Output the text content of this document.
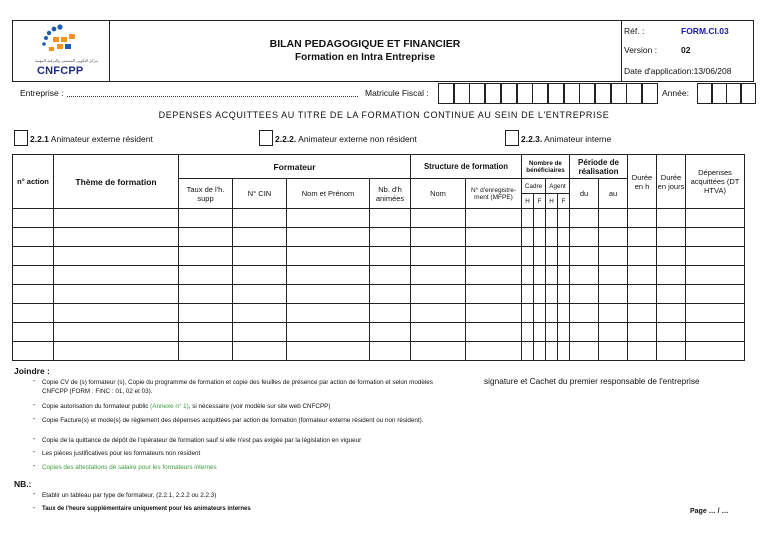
مركز التكوين المستمر والترقية المهنية
CNFCPP
BILAN PEDAGOGIQUE ET FINANCIER
Formation en Intra Entreprise
Réf. :	FORM.CI.03
Version :	02
Date d'application:13/06/208
Entreprise :	Matricule Fiscal :	Année:
DEPENSES ACQUITTEES AU TITRE DE LA FORMATION CONTINUE AU SEIN DE L'ENTREPRISE
2.2.1 Animateur externe résident	2.2.2. Animateur externe non résident	2.2.3. Animateur interne
n° action	Thème de formation	Formateur				Structure de formation		Nombre de bénéficiaires				Période de réalisation		Durée en h	Durée en jours	Dépenses acquittées (DT HTVA)
		Taux de l'h. supp	N° CIN	Nom et Prénom	Nb. d'h animées	Nom	N° d'enregistre- ment (MFPE)	Cadre		Agent		du	au			
								H	F	H	F					

Joindre :
- Copie CV de (s) formateur (s), Copie du programme de formation et copie des feuilles de présence par action de formation et selon modèles CNFCPP (FORM : FINC : 01, 02 et 03).
- Copie autorisation du formateur public (Annexe n° 1), si nécessaire (voir modèle sur site web CNFCPP)
- Copie Facture(s) et mode(s) de règlement des dépenses acquittées par action de formation (formateur externe résident ou non résident).
- Copie de la quittance de dépôt de l'opérateur de formation sauf si elle n'est pas exigée par la législation en vigueur
- Les pièces justificatives pour les formateurs non résident
- Copies des attestations de salaire pour les formateurs internes
signature et Cachet du premier responsable de l'entreprise
NB.:
- Etablir un tableau par type de formateur, (2.2.1, 2.2.2 ou 2.2.3)
- Taux de l'heure supplémentaire uniquement pour les animateurs internes	Page … / …
